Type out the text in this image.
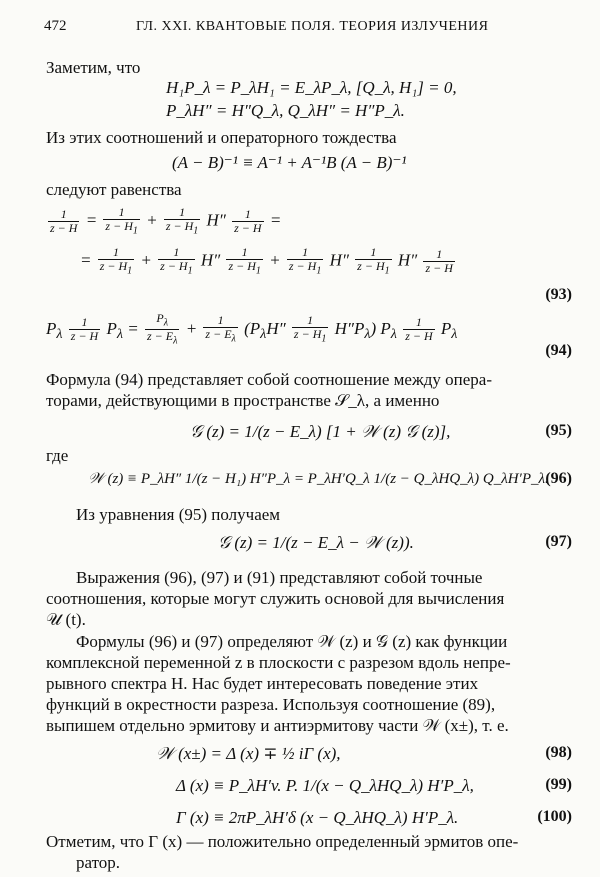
472	ГЛ. XXI. КВАНТОВЫЕ ПОЛЯ. ТЕОРИЯ ИЗЛУЧЕНИЯ
Заметим, что
H₁P_λ = P_λH₁ = E_λP_λ, [Q_λ, H₁] = 0,
P_λH″ = H″Q_λ, Q_λH″ = H″P_λ.
Из этих соотношений и операторного тождества
(A − B)⁻¹ ≡ A⁻¹ + A⁻¹B (A − B)⁻¹
следуют равенства
$\frac{1}{z - H} = \frac{1}{z - H_1} + \frac{1}{z - H_1} H'' \frac{1}{z - H}$ =
= $\frac{1}{z - H_1} + \frac{1}{z - H_1} H'' \frac{1}{z - H_1} + \frac{1}{z - H_1} H'' \frac{1}{z - H_1} H'' \frac{1}{z - H}$
(93)
$P_\lambda \frac{1}{z - H} P_\lambda = \frac{P_\lambda}{z - E_\lambda} + \frac{1}{z - E_\lambda} (P_\lambda H'' \frac{1}{z - H_1} H''P_\lambda)$ $P_\lambda \frac{1}{z - H} P_\lambda$
(94)
Формула (94) представляет собой соотношение между опера-
торами, действующими в пространстве 𝒮_λ, а именно
𝒢 (z) = 1/(z − E_λ) [1 + 𝒲 (z) 𝒢 (z)],	(95)
где
𝒲 (z) ≡ P_λH″ 1/(z − H₁) H″P_λ = P_λH′Q_λ 1/(z − Q_λHQ_λ) Q_λH′P_λ.
(96)
Из уравнения (95) получаем
𝒢 (z) = 1/(z − E_λ − 𝒲 (z)).	(97)
Выражения (96), (97) и (91) представляют собой точные
соотношения, которые могут служить основой для вычисления
𝒰 (t).
Формулы (96) и (97) определяют 𝒲 (z) и 𝒢 (z) как функции
комплексной переменной z в плоскости с разрезом вдоль непре-
рывного спектра H. Нас будет интересовать поведение этих
функций в окрестности разреза. Используя соотношение (89),
выпишем отдельно эрмитову и антиэрмитову части 𝒲 (x±), т. е.
𝒲 (x±) = Δ (x) ∓ ½ iΓ (x),	(98)
Δ (x) ≡ P_λH′v. P. 1/(x − Q_λHQ_λ) H′P_λ,	(99)
Γ (x) ≡ 2πP_λH′δ (x − Q_λHQ_λ) H′P_λ.	(100)
Отметим, что Γ (x) — положительно определенный эрмитов опе-
ратор.
